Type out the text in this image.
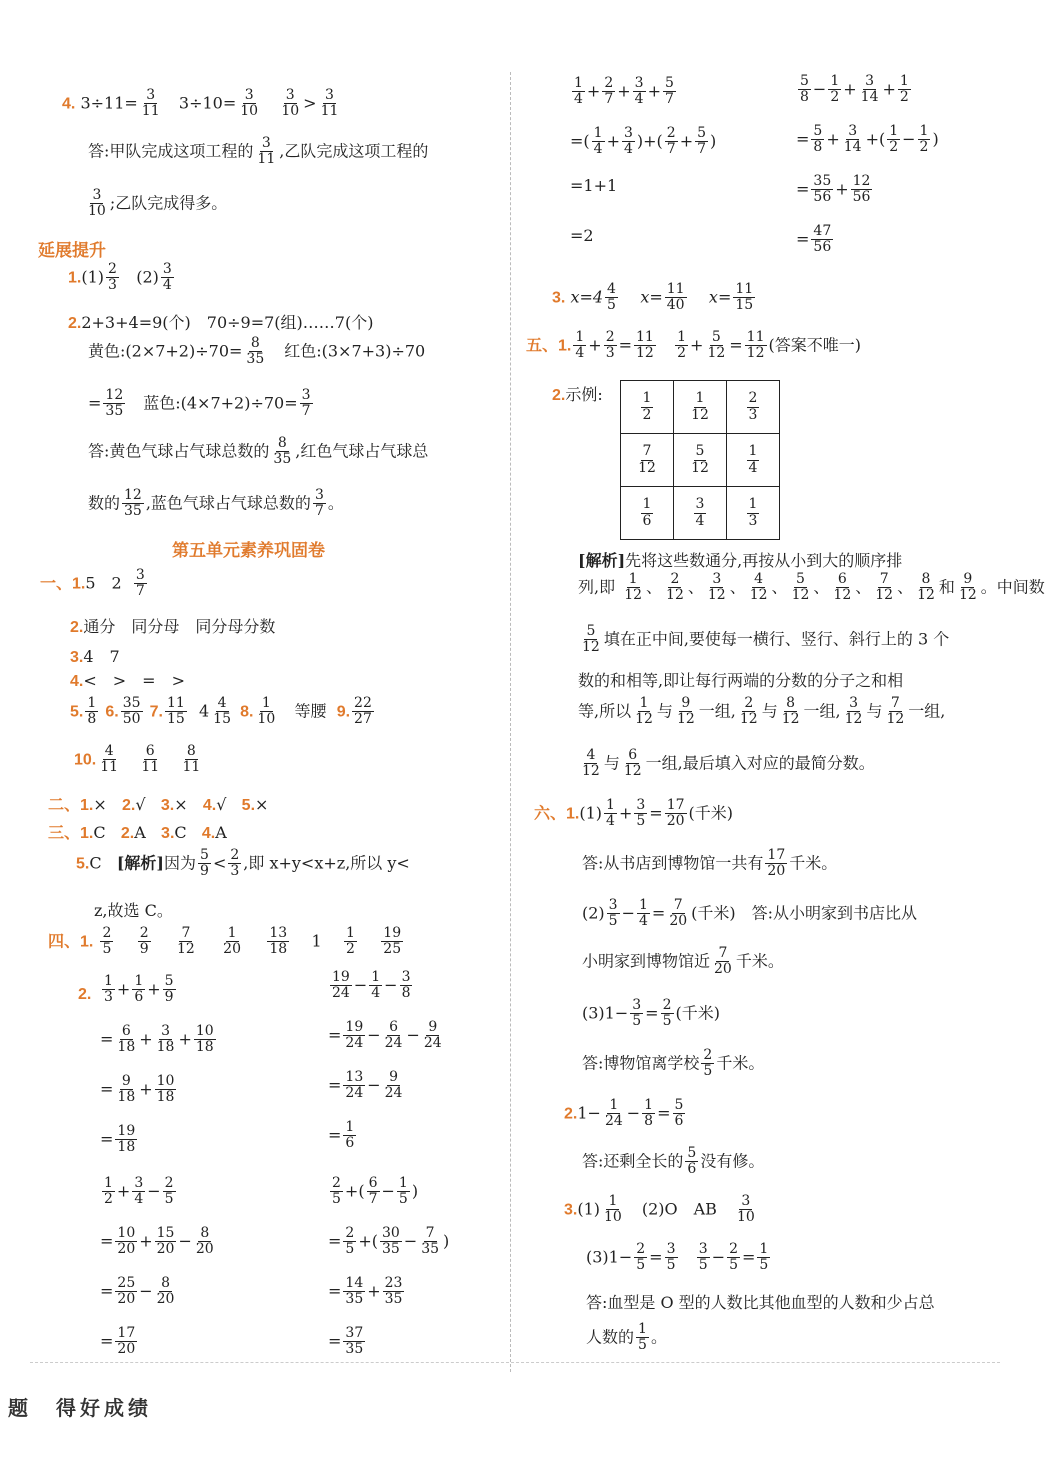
题　得好成绩
4. $3\div 11= \frac{3}{11} 3\div 10= \frac{3}{10}$
$\frac{3}{10} > \frac{3}{11}$
答:甲队完成这项工程的 $\frac{3}{11}$ ,乙队完成这项工程的
$\frac{3}{10}$ ;乙队完成得多。
延展提升
$1.(1) \frac{2}{3} (2) \frac{3}{4}$
2.2+3+4=9(个)　70÷9=7(组)……7(个)
黄色:(2×7+2)÷70= $\frac{8}{35}$ 　红色:(3×7+3)÷70
= $\frac{12}{35}$ 　蓝色:(4×7+2)÷70= $\frac{3}{7}$
答:黄色气球占气球总数的 $\frac{8}{35}$ ,红色气球占气球总
数的 $\frac{12}{35}$ ,蓝色气球占气球总数的 $\frac{3}{7}$ 。
第五单元素养巩固卷
一、1.5　$2 \frac{3}{7}$
2.通分　同分母　同分母分数
3.4　7
4.<　>　=　>
5. $\frac{1}{8} 6$. $\frac{35}{50} 7$. $\frac{11}{15} 4 \frac{4}{15} 8$. $\frac{1}{10}$ 等腰 9. $\frac{22}{27}$
10. $\frac{4}{11}$
$\frac{6}{11}$
$\frac{8}{11}$
二、1.× 2.√ 3.× 4.√ 5.×
三、1.C 2.A 3.C 4.A
5.C [解析]因为 $\frac{5}{9} < \frac{2}{3}$ ,即 x+y<x+z,所以 y<
z,故选 C。
四、1. $\frac{2}{5}$
$\frac{2}{9}$
$\frac{7}{12}$
$\frac{1}{20}$
$\frac{13}{18} 1 \frac{1}{2}$
$\frac{19}{25}$
2.
3. $x=4 \frac{4}{5} x= \frac{11}{40} x= \frac{11}{15}$
五、1. $\frac{1}{4} + \frac{2}{3} = \frac{11}{12}$
$\frac{1}{2} + \frac{5}{12} = \frac{11}{12}$ (答案不唯一)
2.示例:	$\frac{1}{2}$	$\frac{1}{12}$	$\frac{2}{3}$

$\frac{7}{12}$	$\frac{5}{12}$	$\frac{1}{4}$

$\frac{1}{6}$	$\frac{3}{4}$	$\frac{1}{3}$
[解析]先将这些数通分,再按从小到大的顺序排
列,即 $\frac{1}{12}$ 、 $\frac{2}{12}$ 、 $\frac{3}{12}$ 、 $\frac{4}{12}$ 、 $\frac{5}{12}$ 、 $\frac{6}{12}$ 、 $\frac{7}{12}$ 、 $\frac{8}{12}$ 和 $\frac{9}{12}$ 。中间数
$\frac{5}{12}$ 填在正中间,要使每一横行、竖行、斜行上的 3 个
数的和相等,即让每行两端的分数的分子之和相
等,所以 $\frac{1}{12}$ 与 $\frac{9}{12}$ 一组, $\frac{2}{12}$ 与 $\frac{8}{12}$ 一组, $\frac{3}{12}$ 与 $\frac{7}{12}$ 一组,
$\frac{4}{12}$ 与 $\frac{6}{12}$ 一组,最后填入对应的最简分数。
六、$1.(1) \frac{1}{4} + \frac{3}{5} = \frac{17}{20}$ (千米)
答:从书店到博物馆一共有 $\frac{17}{20}$ 千米。
$(2) \frac{3}{5} - \frac{1}{4} = \frac{7}{20}$ (千米)　答:从小明家到书店比从
小明家到博物馆近 $\frac{7}{20}$ 千米。
$(3)1- \frac{3}{5} = \frac{2}{5}$ (千米)
答:博物馆离学校 $\frac{2}{5}$ 千米。
$2.1- \frac{1}{24} - \frac{1}{8} = \frac{5}{6}$
答:还剩全长的 $\frac{5}{6}$ 没有修。
$3.(1) \frac{1}{10}$ 　(2)O　AB　 $\frac{3}{10}$
$(3)1- \frac{2}{5} = \frac{3}{5}$
$\frac{3}{5} - \frac{2}{5} = \frac{1}{5}$
答:血型是 O 型的人数比其他血型的人数和少占总
人数的 $\frac{1}{5}$ 。
$\frac{1}{3} + \frac{1}{6} + \frac{5}{9}$
= $\frac{6}{18} + \frac{3}{18} + \frac{10}{18}$
= $\frac{9}{18} + \frac{10}{18}$
= $\frac{19}{18}$
$\frac{19}{24} - \frac{1}{4} - \frac{3}{8}$
= $\frac{19}{24} - \frac{6}{24} - \frac{9}{24}$
= $\frac{13}{24} - \frac{9}{24}$
= $\frac{1}{6}$
$\frac{1}{2} + \frac{3}{4} - \frac{2}{5}$
= $\frac{10}{20} + \frac{15}{20} - \frac{8}{20}$
= $\frac{25}{20} - \frac{8}{20}$
= $\frac{17}{20}$
$\frac{2}{5}$ +( $\frac{6}{7} - \frac{1}{5}$ )
= $\frac{2}{5}$ +( $\frac{30}{35} - \frac{7}{35}$ )
= $\frac{14}{35} + \frac{23}{35}$
= $\frac{37}{35}$
$\frac{1}{4} + \frac{2}{7} + \frac{3}{4} + \frac{5}{7}$
=( $\frac{1}{4} + \frac{3}{4}$ )+( $\frac{2}{7} + \frac{5}{7}$ )
=1+1
=2
$\frac{5}{8} - \frac{1}{2} + \frac{3}{14} + \frac{1}{2}$
= $\frac{5}{8} + \frac{3}{14}$ +( $\frac{1}{2} - \frac{1}{2}$ )
= $\frac{35}{56} + \frac{12}{56}$
= $\frac{47}{56}$
